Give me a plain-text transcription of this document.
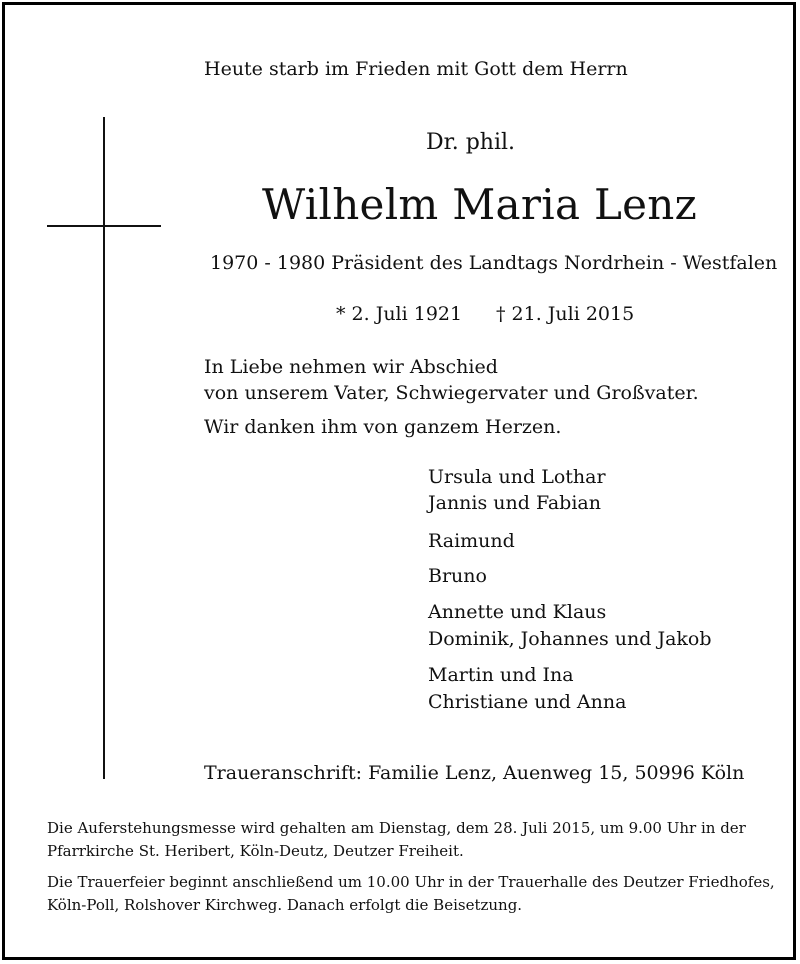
Heute starb im Frieden mit Gott dem Herrn
Dr. phil.
Wilhelm Maria Lenz
1970 - 1980 Präsident des Landtags Nordrhein - Westfalen
* 2. Juli 1921 † 21. Juli 2015
In Liebe nehmen wir Abschied
von unserem Vater, Schwiegervater und Großvater.
Wir danken ihm von ganzem Herzen.
Ursula und Lothar
Jannis und Fabian
Raimund
Bruno
Annette und Klaus
Dominik, Johannes und Jakob
Martin und Ina
Christiane und Anna
Traueranschrift: Familie Lenz, Auenweg 15, 50996 Köln
Die Auferstehungsmesse wird gehalten am Dienstag, dem 28. Juli 2015, um 9.00 Uhr in der
Pfarrkirche St. Heribert, Köln-Deutz, Deutzer Freiheit.
Die Trauerfeier beginnt anschließend um 10.00 Uhr in der Trauerhalle des Deutzer Friedhofes,
Köln-Poll, Rolshover Kirchweg. Danach erfolgt die Beisetzung.
